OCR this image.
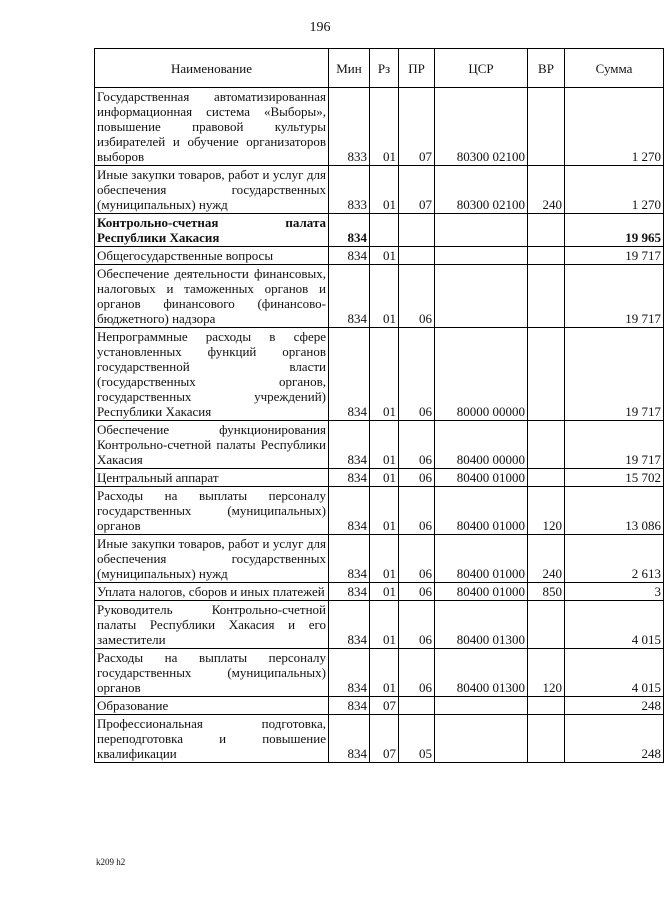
196
Наименование	Мин	Рз	ПР	ЦСР	ВР	Сумма
Государственная автоматизированная информационная система «Выборы», повышение правовой культуры избирателей и обучение организаторов выборов	833	01	07	80300 02100		1 270
Иные закупки товаров, работ и услуг для обеспечения государственных (муниципальных) нужд	833	01	07	80300 02100	240	1 270
Контрольно-счетная палата Республики Хакасия	834					19 965
Общегосударственные вопросы	834	01				19 717
Обеспечение деятельности финансовых, налоговых и таможенных органов и органов финансового (финансово-бюджетного) надзора	834	01	06			19 717
Непрограммные расходы в сфере установленных функций органов государственной власти (государственных органов, государственных учреждений) Республики Хакасия	834	01	06	80000 00000		19 717
Обеспечение функционирования Контрольно-счетной палаты Республики Хакасия	834	01	06	80400 00000		19 717
Центральный аппарат	834	01	06	80400 01000		15 702
Расходы на выплаты персоналу государственных (муниципальных) органов	834	01	06	80400 01000	120	13 086
Иные закупки товаров, работ и услуг для обеспечения государственных (муниципальных) нужд	834	01	06	80400 01000	240	2 613
Уплата налогов, сборов и иных платежей	834	01	06	80400 01000	850	3
Руководитель Контрольно-счетной палаты Республики Хакасия и его заместители	834	01	06	80400 01300		4 015
Расходы на выплаты персоналу государственных (муниципальных) органов	834	01	06	80400 01300	120	4 015
Образование	834	07				248
Профессиональная подготовка, переподготовка и повышение квалификации	834	07	05			248
k209 h2
